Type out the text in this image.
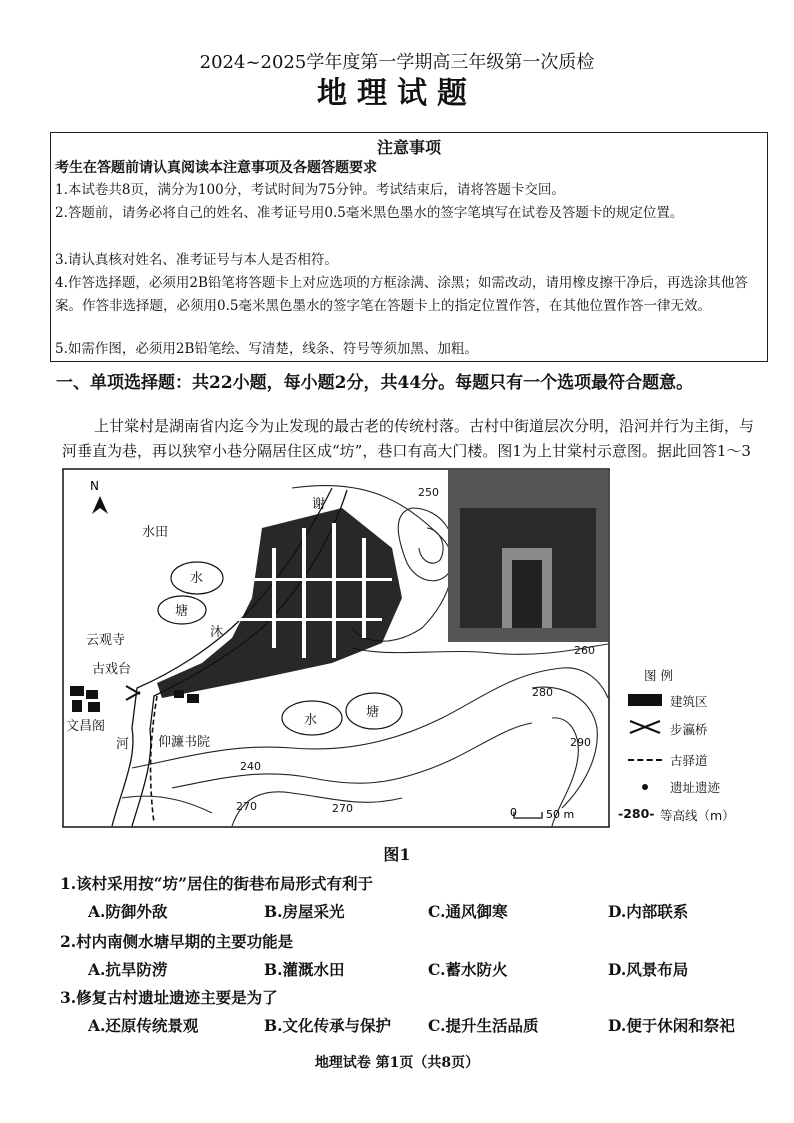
2024~2025学年度第一学期高三年级第一次质检
地理试题
注意事项
考生在答题前请认真阅读本注意事项及各题答题要求
1.本试卷共8页，满分为100分，考试时间为75分钟。考试结束后，请将答题卡交回。
2.答题前，请务必将自己的姓名、准考证号用0.5毫米黑色墨水的签字笔填写在试卷及答题卡的规定位置。
3.请认真核对姓名、准考证号与本人是否相符。
4.作答选择题，必须用2B铅笔将答题卡上对应选项的方框涂满、涂黑；如需改动，请用橡皮擦干净后，再选涂其他答案。作答非选择题，必须用0.5毫米黑色墨水的签字笔在答题卡上的指定位置作答，在其他位置作答一律无效。
5.如需作图，必须用2B铅笔绘、写清楚，线条、符号等须加黑、加粗。
一、单项选择题：共22小题，每小题2分，共44分。每题只有一个选项最符合题意。
上甘棠村是湖南省内迄今为止发现的最古老的传统村落。古村中街道层次分明，沿河并行为主街，与河垂直为巷，再以狭窄小巷分隔居住区成“坊”，巷口有高大门楼。图1为上甘棠村示意图。据此回答1～3
N
水田
水
塘
云观寺
古戏台
文昌阁
谢
沐
河 仰濂书院
水
塘
250
260
280
290
240
270	270	0	50 m
图 例
建筑区
步瀛桥
古驿道
遗址遗迹
-280- 等高线（m）
图1
1.该村采用按“坊”居住的街巷布局形式有利于
A.防御外敌	B.房屋采光	C.通风御寒	D.内部联系
2.村内南侧水塘早期的主要功能是
A.抗旱防涝	B.灌溉水田	C.蓄水防火	D.风景布局
3.修复古村遗址遗迹主要是为了
A.还原传统景观	B.文化传承与保护 C.提升生活品质	D.便于休闲和祭祀
地理试卷 第1页（共8页）
